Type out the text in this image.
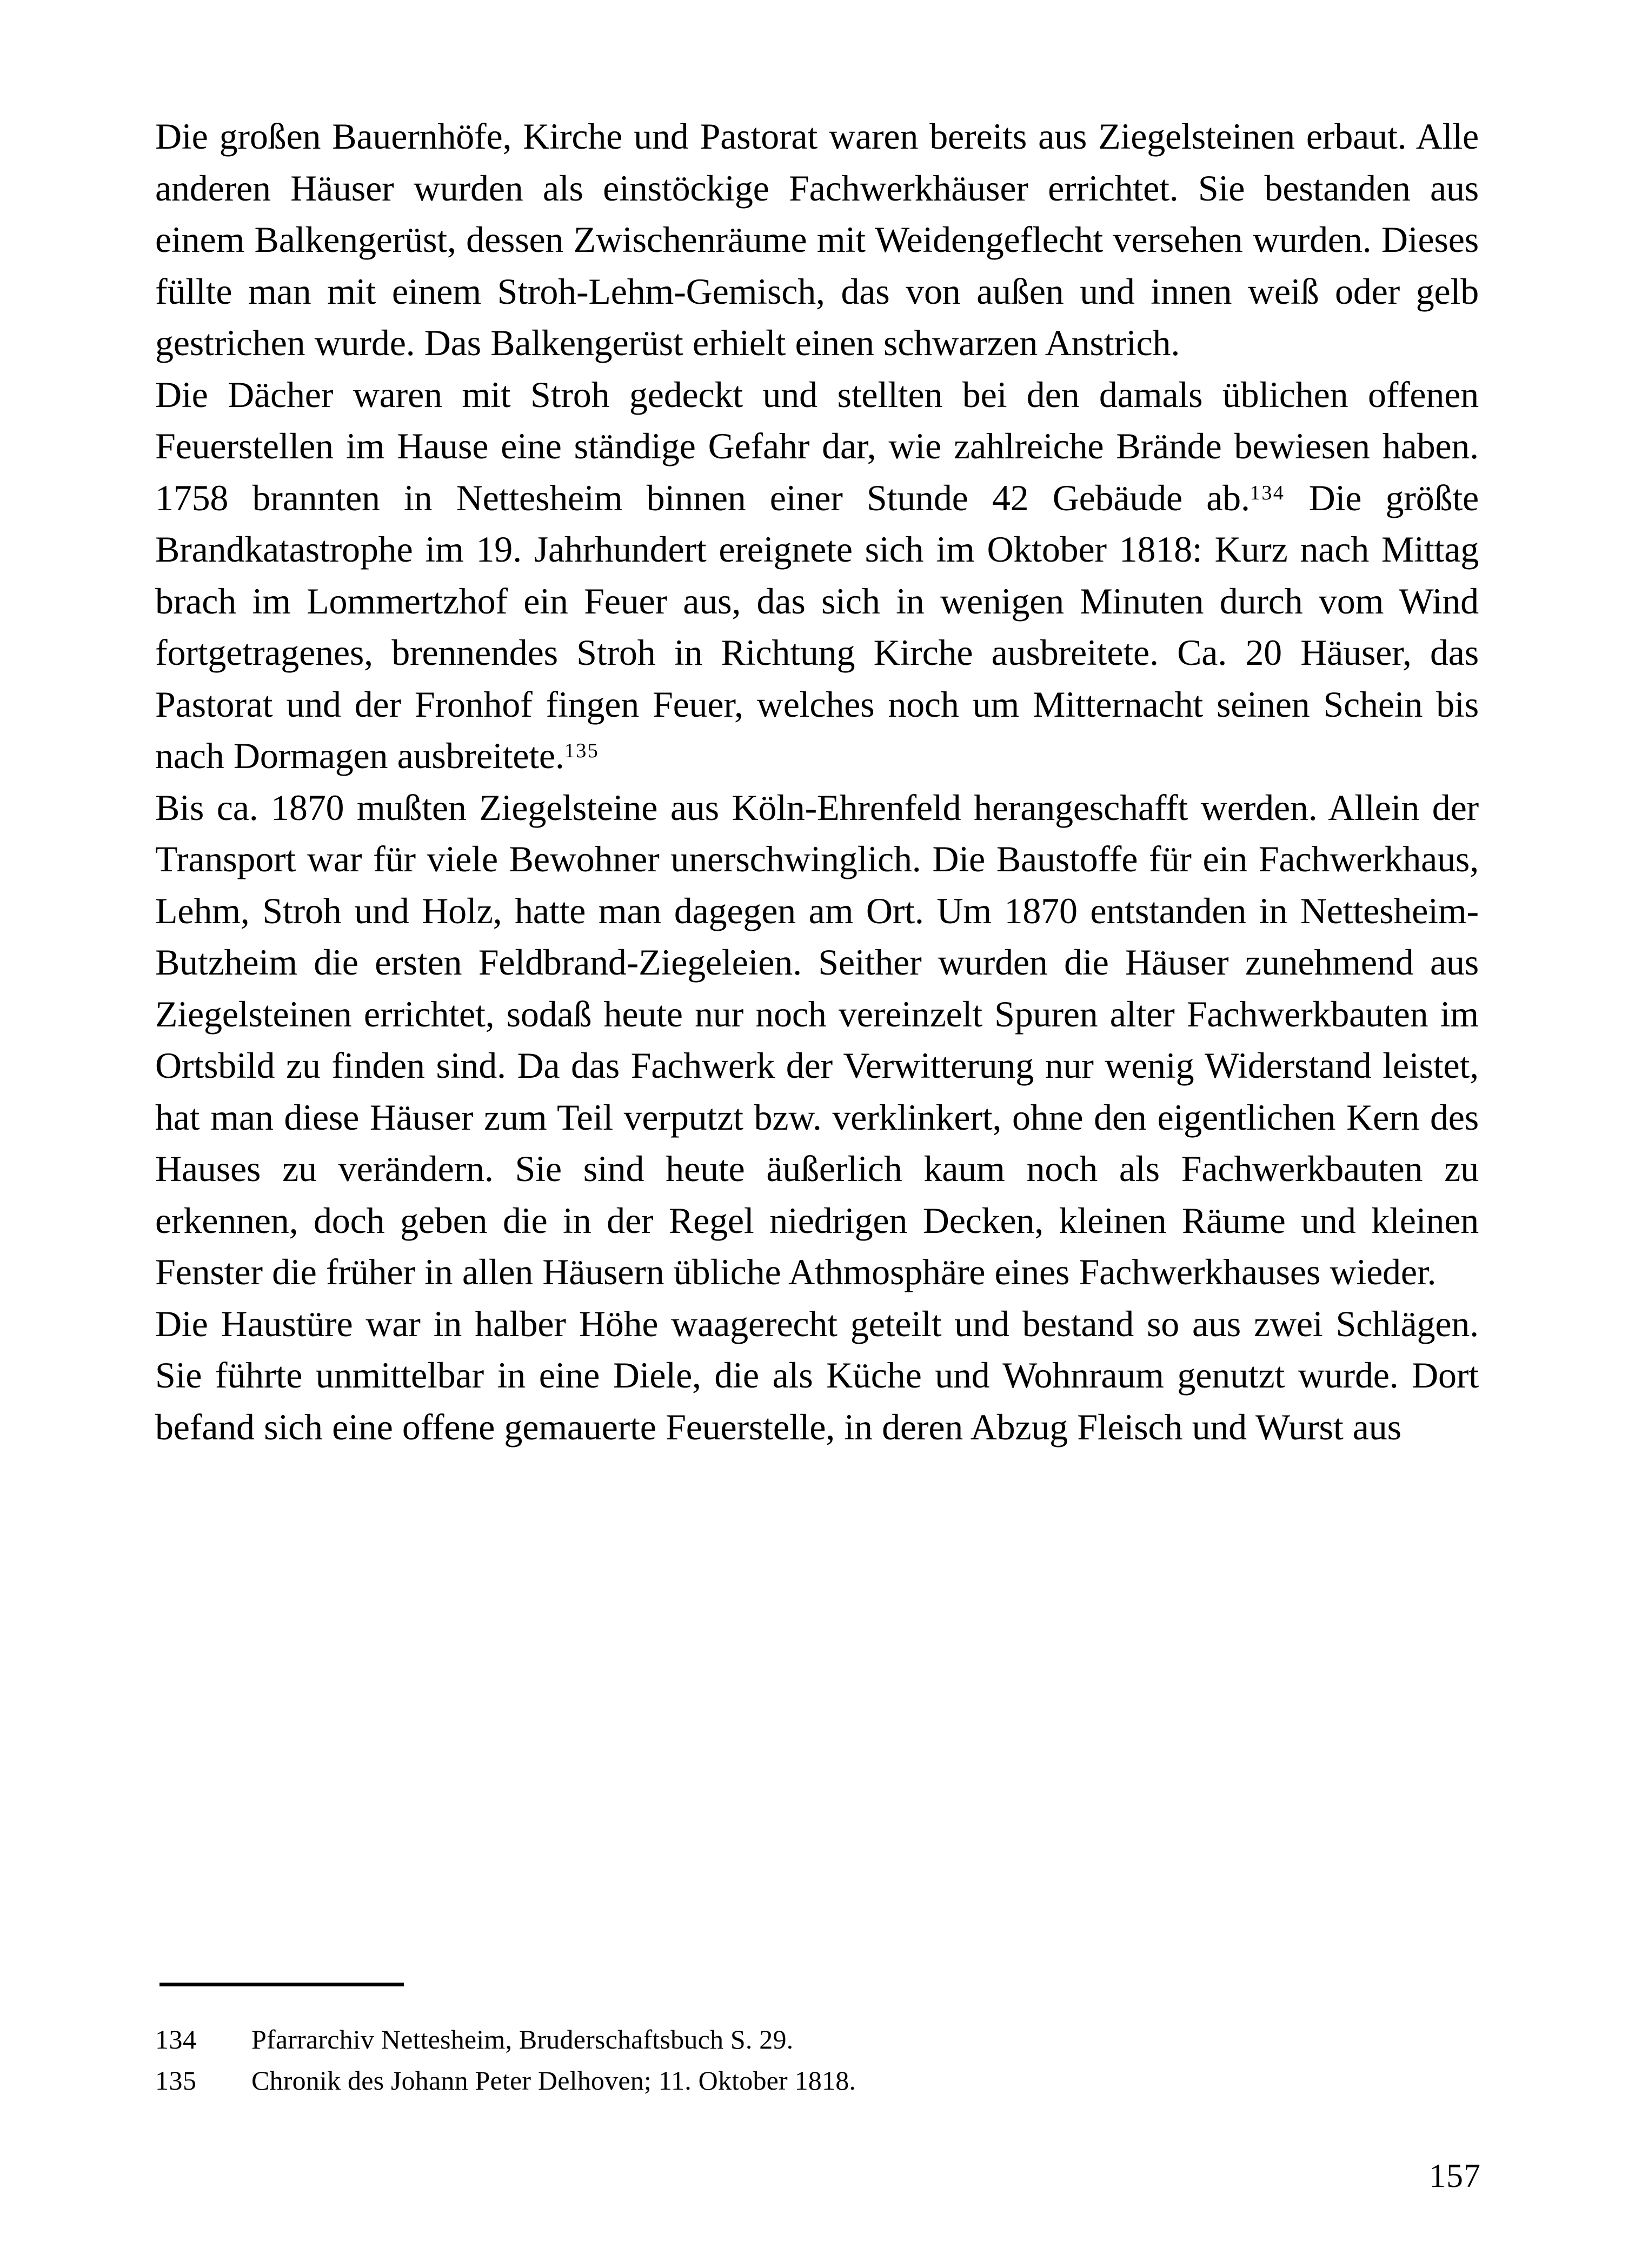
Die großen Bauernhöfe, Kirche und Pastorat waren bereits aus Ziegelsteinen erbaut. Alle anderen Häuser wurden als einstöckige Fachwerkhäuser errichtet. Sie bestanden aus einem Balkengerüst, dessen Zwischenräume mit Weidengeflecht versehen wurden. Dieses füllte man mit einem Stroh-Lehm-Gemisch, das von außen und innen weiß oder gelb gestrichen wurde. Das Balkengerüst erhielt einen schwarzen Anstrich.

Die Dächer waren mit Stroh gedeckt und stellten bei den damals üblichen offenen Feuerstellen im Hause eine ständige Gefahr dar, wie zahlreiche Brände bewiesen haben. 1758 brannten in Nettesheim binnen einer Stunde 42 Gebäude ab.$^{134}$ Die größte Brandkatastrophe im 19. Jahrhundert ereignete sich im Oktober 1818: Kurz nach Mittag brach im Lommertzhof ein Feuer aus, das sich in wenigen Minuten durch vom Wind fortgetragenes, brennendes Stroh in Richtung Kirche ausbreitete. Ca. 20 Häuser, das Pastorat und der Fronhof fingen Feuer, welches noch um Mitternacht seinen Schein bis nach Dormagen ausbreitete.$^{135}$

Bis ca. 1870 mußten Ziegelsteine aus Köln-Ehrenfeld herangeschafft werden. Allein der Transport war für viele Bewohner unerschwinglich. Die Baustoffe für ein Fachwerkhaus, Lehm, Stroh und Holz, hatte man dagegen am Ort. Um 1870 entstanden in Nettesheim-Butzheim die ersten Feldbrand-Ziegeleien. Seither wurden die Häuser zunehmend aus Ziegelsteinen errichtet, sodaß heute nur noch vereinzelt Spuren alter Fachwerkbauten im Ortsbild zu finden sind. Da das Fachwerk der Verwitterung nur wenig Widerstand leistet, hat man diese Häuser zum Teil verputzt bzw. verklinkert, ohne den eigentlichen Kern des Hauses zu verändern. Sie sind heute äußerlich kaum noch als Fachwerkbauten zu erkennen, doch geben die in der Regel niedrigen Decken, kleinen Räume und kleinen Fenster die früher in allen Häusern übliche Athmosphäre eines Fachwerkhauses wieder.

Die Haustüre war in halber Höhe waagerecht geteilt und bestand so aus zwei Schlägen. Sie führte unmittelbar in eine Diele, die als Küche und Wohnraum genutzt wurde. Dort befand sich eine offene gemauerte Feuerstelle, in deren Abzug Fleisch und Wurst aus

134	Pfarrarchiv Nettesheim, Bruderschaftsbuch S. 29.
135	Chronik des Johann Peter Delhoven; 11. Oktober 1818.
157
